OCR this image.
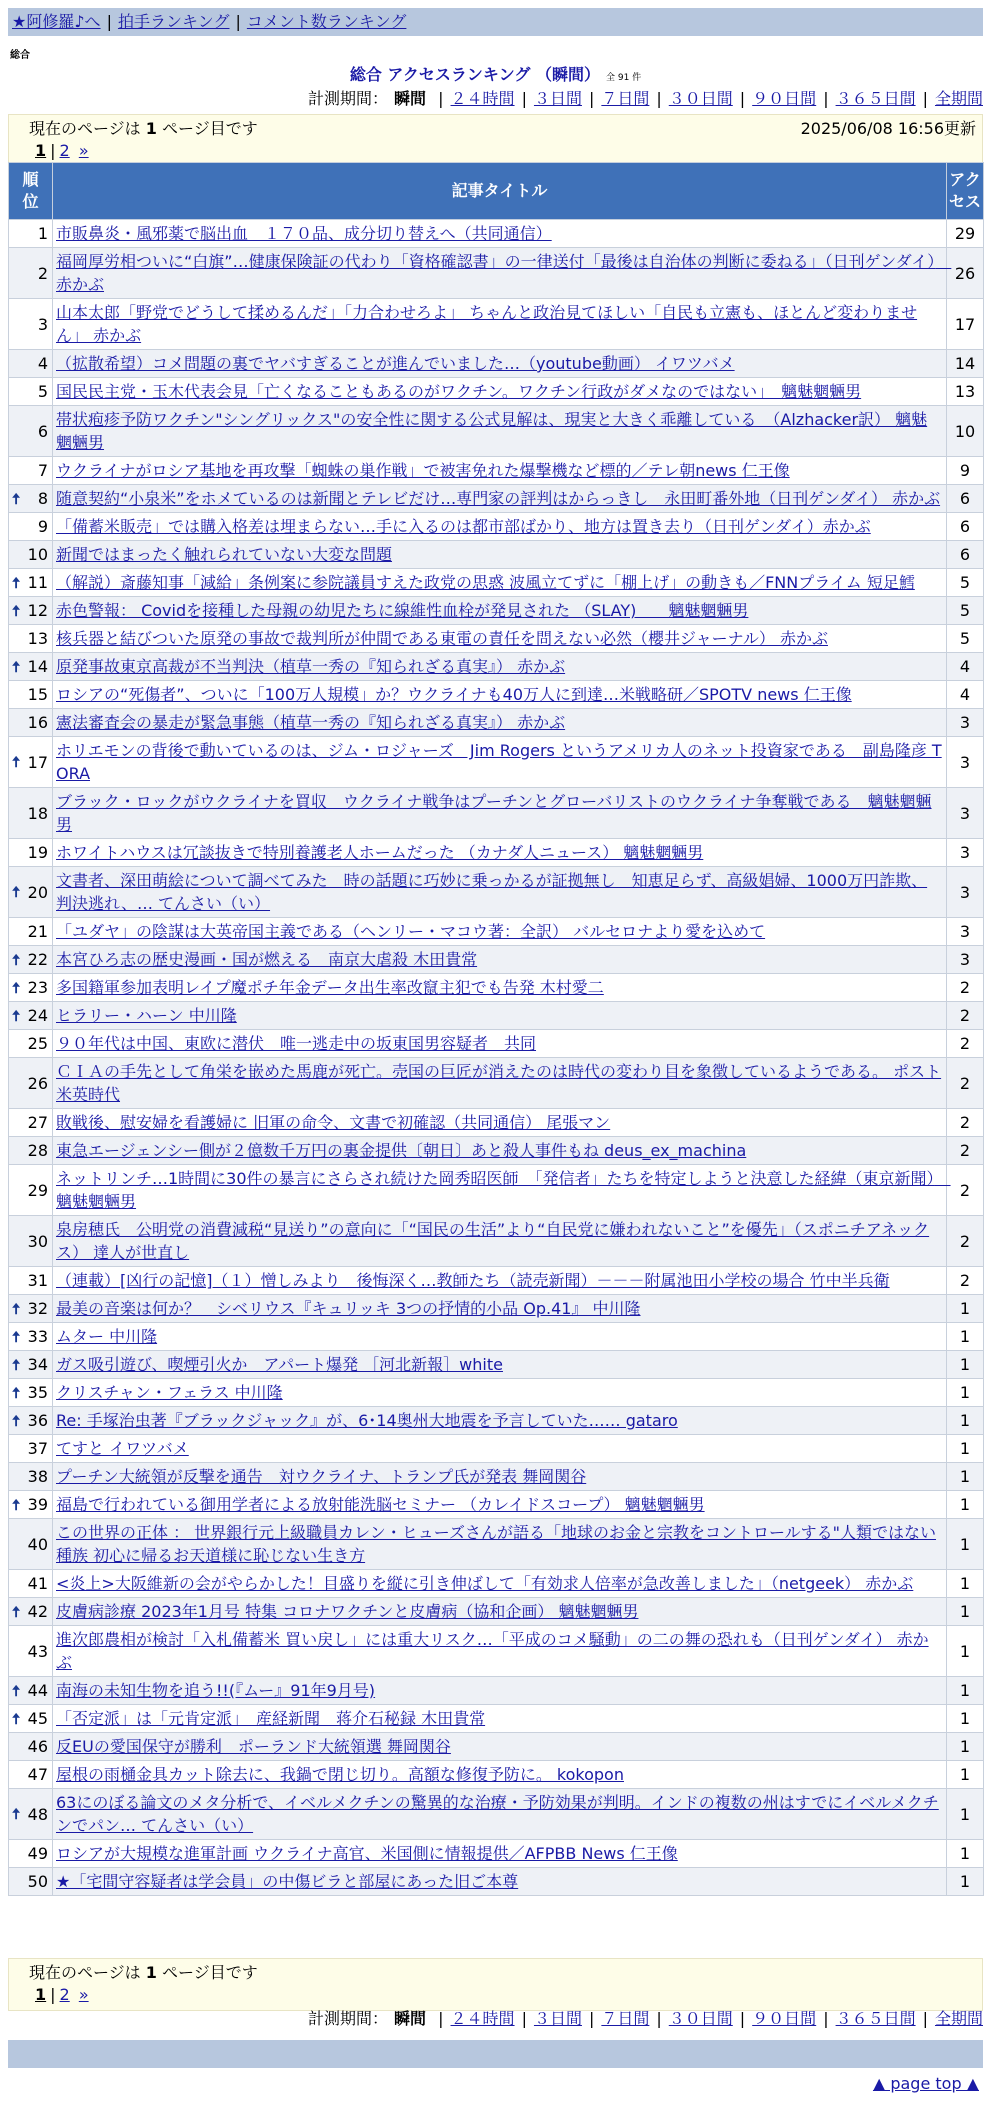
★阿修羅♪へ | 拍手ランキング | コメント数ランキング
総合
総合 アクセスランキング （瞬間） 全 91 件
計測期間： 瞬間 | ２４時間 | ３日間 | ７日間 | ３０日間 | ９０日間 | ３６５日間 | 全期間
現在のページは 1 ページ目です	2025/06/08 16:56更新
1 | 2 »
順位	記事タイトル	アクセス
1	市販鼻炎・風邪薬で脳出血　１７０品、成分切り替えへ（共同通信）	29
2	福岡厚労相ついに“白旗”…健康保険証の代わり「資格確認書」の一律送付「最後は自治体の判断に委ねる」（日刊ゲンダイ）　赤かぶ	26
3	山本太郎「野党でどうして揉めるんだ」「力合わせろよ」 ちゃんと政治見てほしい「自民も立憲も、ほとんど変わりません」 赤かぶ	17
4	（拡散希望）コメ問題の裏でヤバすぎることが進んでいました…（youtube動画） イワツバメ	14
5	国民民主党・玉木代表会見「亡くなることもあるのがワクチン。ワクチン行政がダメなのではない」　魑魅魍魎男	13
6	帯状疱疹予防ワクチン"シングリックス"の安全性に関する公式見解は、現実と大きく乖離している　（Alzhacker訳） 魑魅魍魎男	10
7	ウクライナがロシア基地を再攻撃「蜘蛛の巣作戦」で被害免れた爆撃機など標的／テレ朝news 仁王像	9

🠅 8	随意契約“小泉米”をホメているのは新聞とテレビだけ…専門家の評判はからっきし　永田町番外地（日刊ゲンダイ） 赤かぶ	6
9	「備蓄米販売」では購入格差は埋まらない…手に入るのは都市部ばかり、地方は置き去り（日刊ゲンダイ）赤かぶ	6
10	新聞ではまったく触れられていない大変な問題	6

🠅 11	（解説）斎藤知事「減給」条例案に参院議員すえた政党の思惑 波風立てずに「棚上げ」の動きも／FNNプライム 短足鱈	5

🠅 12	赤色警報： Covidを接種した母親の幼児たちに線維性血栓が発見された （SLAY)　　魑魅魍魎男	5
13	核兵器と結びついた原発の事故で裁判所が仲間である東電の責任を問えない必然（櫻井ジャーナル） 赤かぶ	5

🠅 14	原発事故東京高裁が不当判決（植草一秀の『知られざる真実』） 赤かぶ	4
15	ロシアの“死傷者”、ついに「100万人規模」か？ウクライナも40万人に到達…米戦略研／SPOTV news 仁王像	4
16	憲法審査会の暴走が緊急事態（植草一秀の『知られざる真実』） 赤かぶ	3

🠅 17	ホリエモンの背後で動いているのは、ジム・ロジャーズ　Jim Rogers というアメリカ人のネット投資家である　副島隆彦 TORA	3
18	ブラック・ロックがウクライナを買収　ウクライナ戦争はプーチンとグローバリストのウクライナ争奪戦である　魑魅魍魎男	3
19	ホワイトハウスは冗談抜きで特別養護老人ホームだった （カナダ人ニュース） 魑魅魍魎男	3

🠅 20	文書者、深田萌絵について調べてみた　時の話題に巧妙に乗っかるが証拠無し　知恵足らず、高級娼婦、1000万円詐欺、判決逃れ、… てんさい（い）	3
21	「ユダヤ」の陰謀は大英帝国主義である（ヘンリー・マコウ著：全訳） バルセロナより愛を込めて	3

🠅 22	本宮ひろ志の歴史漫画・国が燃える　南京大虐殺 木田貴常	3

🠅 23	多国籍軍参加表明レイプ魔ポチ年金データ出生率改竄主犯でも告発 木村愛二	2

🠅 24	ヒラリー・ハーン 中川隆	2
25	９０年代は中国、東欧に潜伏　唯一逃走中の坂東国男容疑者　共同	2
26	ＣＩＡの手先として角栄を嵌めた馬鹿が死亡。売国の巨匠が消えたのは時代の変わり目を象徴しているようである。 ポスト米英時代	2
27	敗戦後、慰安婦を看護婦に 旧軍の命令、文書で初確認（共同通信） 尾張マン	2
28	東急エージェンシー側が２億数千万円の裏金提供〔朝日〕あと殺人事件もね deus_ex_machina	2
29	ネットリンチ…1時間に30件の暴言にさらされ続けた岡秀昭医師　「発信者」たちを特定しようと決意した経緯（東京新聞）　魑魅魍魎男	2
30	泉房穂氏　公明党の消費減税“見送り”の意向に「“国民の生活”より“自民党に嫌われないこと”を優先」（スポニチアネックス） 達人が世直し	2
31	（連載）[凶行の記憶]（１）憎しみより　後悔深く…教師たち（読売新聞）－－－附属池田小学校の場合 竹中半兵衛	2

🠅 32	最美の音楽は何か？　シベリウス『キュリッキ 3つの抒情的小品 Op.41』 中川隆	1

🠅 33	ムター 中川隆	1

🠅 34	ガス吸引遊び、喫煙引火か　アパート爆発 ［河北新報］white	1

🠅 35	クリスチャン・フェラス 中川隆	1

🠅 36	Re: 手塚治虫著『ブラックジャック』が、6･14奥州大地震を予言していた…… gataro	1
37	てすと イワツバメ	1
38	プーチン大統領が反撃を通告　対ウクライナ、トランプ氏が発表 舞岡関谷	1

🠅 39	福島で行われている御用学者による放射能洗脳セミナー （カレイドスコープ） 魑魅魍魎男	1
40	この世界の正体 ： 世界銀行元上級職員カレン・ヒューズさんが語る「地球のお金と宗教をコントロールする"人類ではない種族 初心に帰るお天道様に恥じない生き方	1
41	<炎上>大阪維新の会がやらかした！目盛りを縦に引き伸ばして「有効求人倍率が急改善しました」（netgeek） 赤かぶ	1

🠅 42	皮膚病診療 2023年1月号 特集 コロナワクチンと皮膚病（協和企画） 魑魅魍魎男	1
43	進次郎農相が検討「入札備蓄米 買い戻し」には重大リスク…「平成のコメ騒動」の二の舞の恐れも（日刊ゲンダイ） 赤かぶ	1

🠅 44	南海の未知生物を追う!!(『ムー』91年9月号)	1

🠅 45	「否定派」は「元肯定派」　産経新聞　蒋介石秘録 木田貴常	1
46	反EUの愛国保守が勝利　ポーランド大統領選 舞岡関谷	1
47	屋根の雨樋金具カット除去に、我鍋で閉じ切り。高額な修復予防に。 kokopon	1

🠅 48	63にのぼる論文のメタ分析で、イベルメクチンの驚異的な治療・予防効果が判明。インドの複数の州はすでにイベルメクチンでパン… てんさい（い）	1
49	ロシアが大規模な進軍計画 ウクライナ高官、米国側に情報提供／AFPBB News 仁王像	1
50	★「宅間守容疑者は学会員」の中傷ビラと部屋にあった旧ご本尊	1
現在のページは 1 ページ目です
1 | 2 »
計測期間： 瞬間 | ２４時間 | ３日間 | ７日間 | ３０日間 | ９０日間 | ３６５日間 | 全期間
▲ page top ▲
